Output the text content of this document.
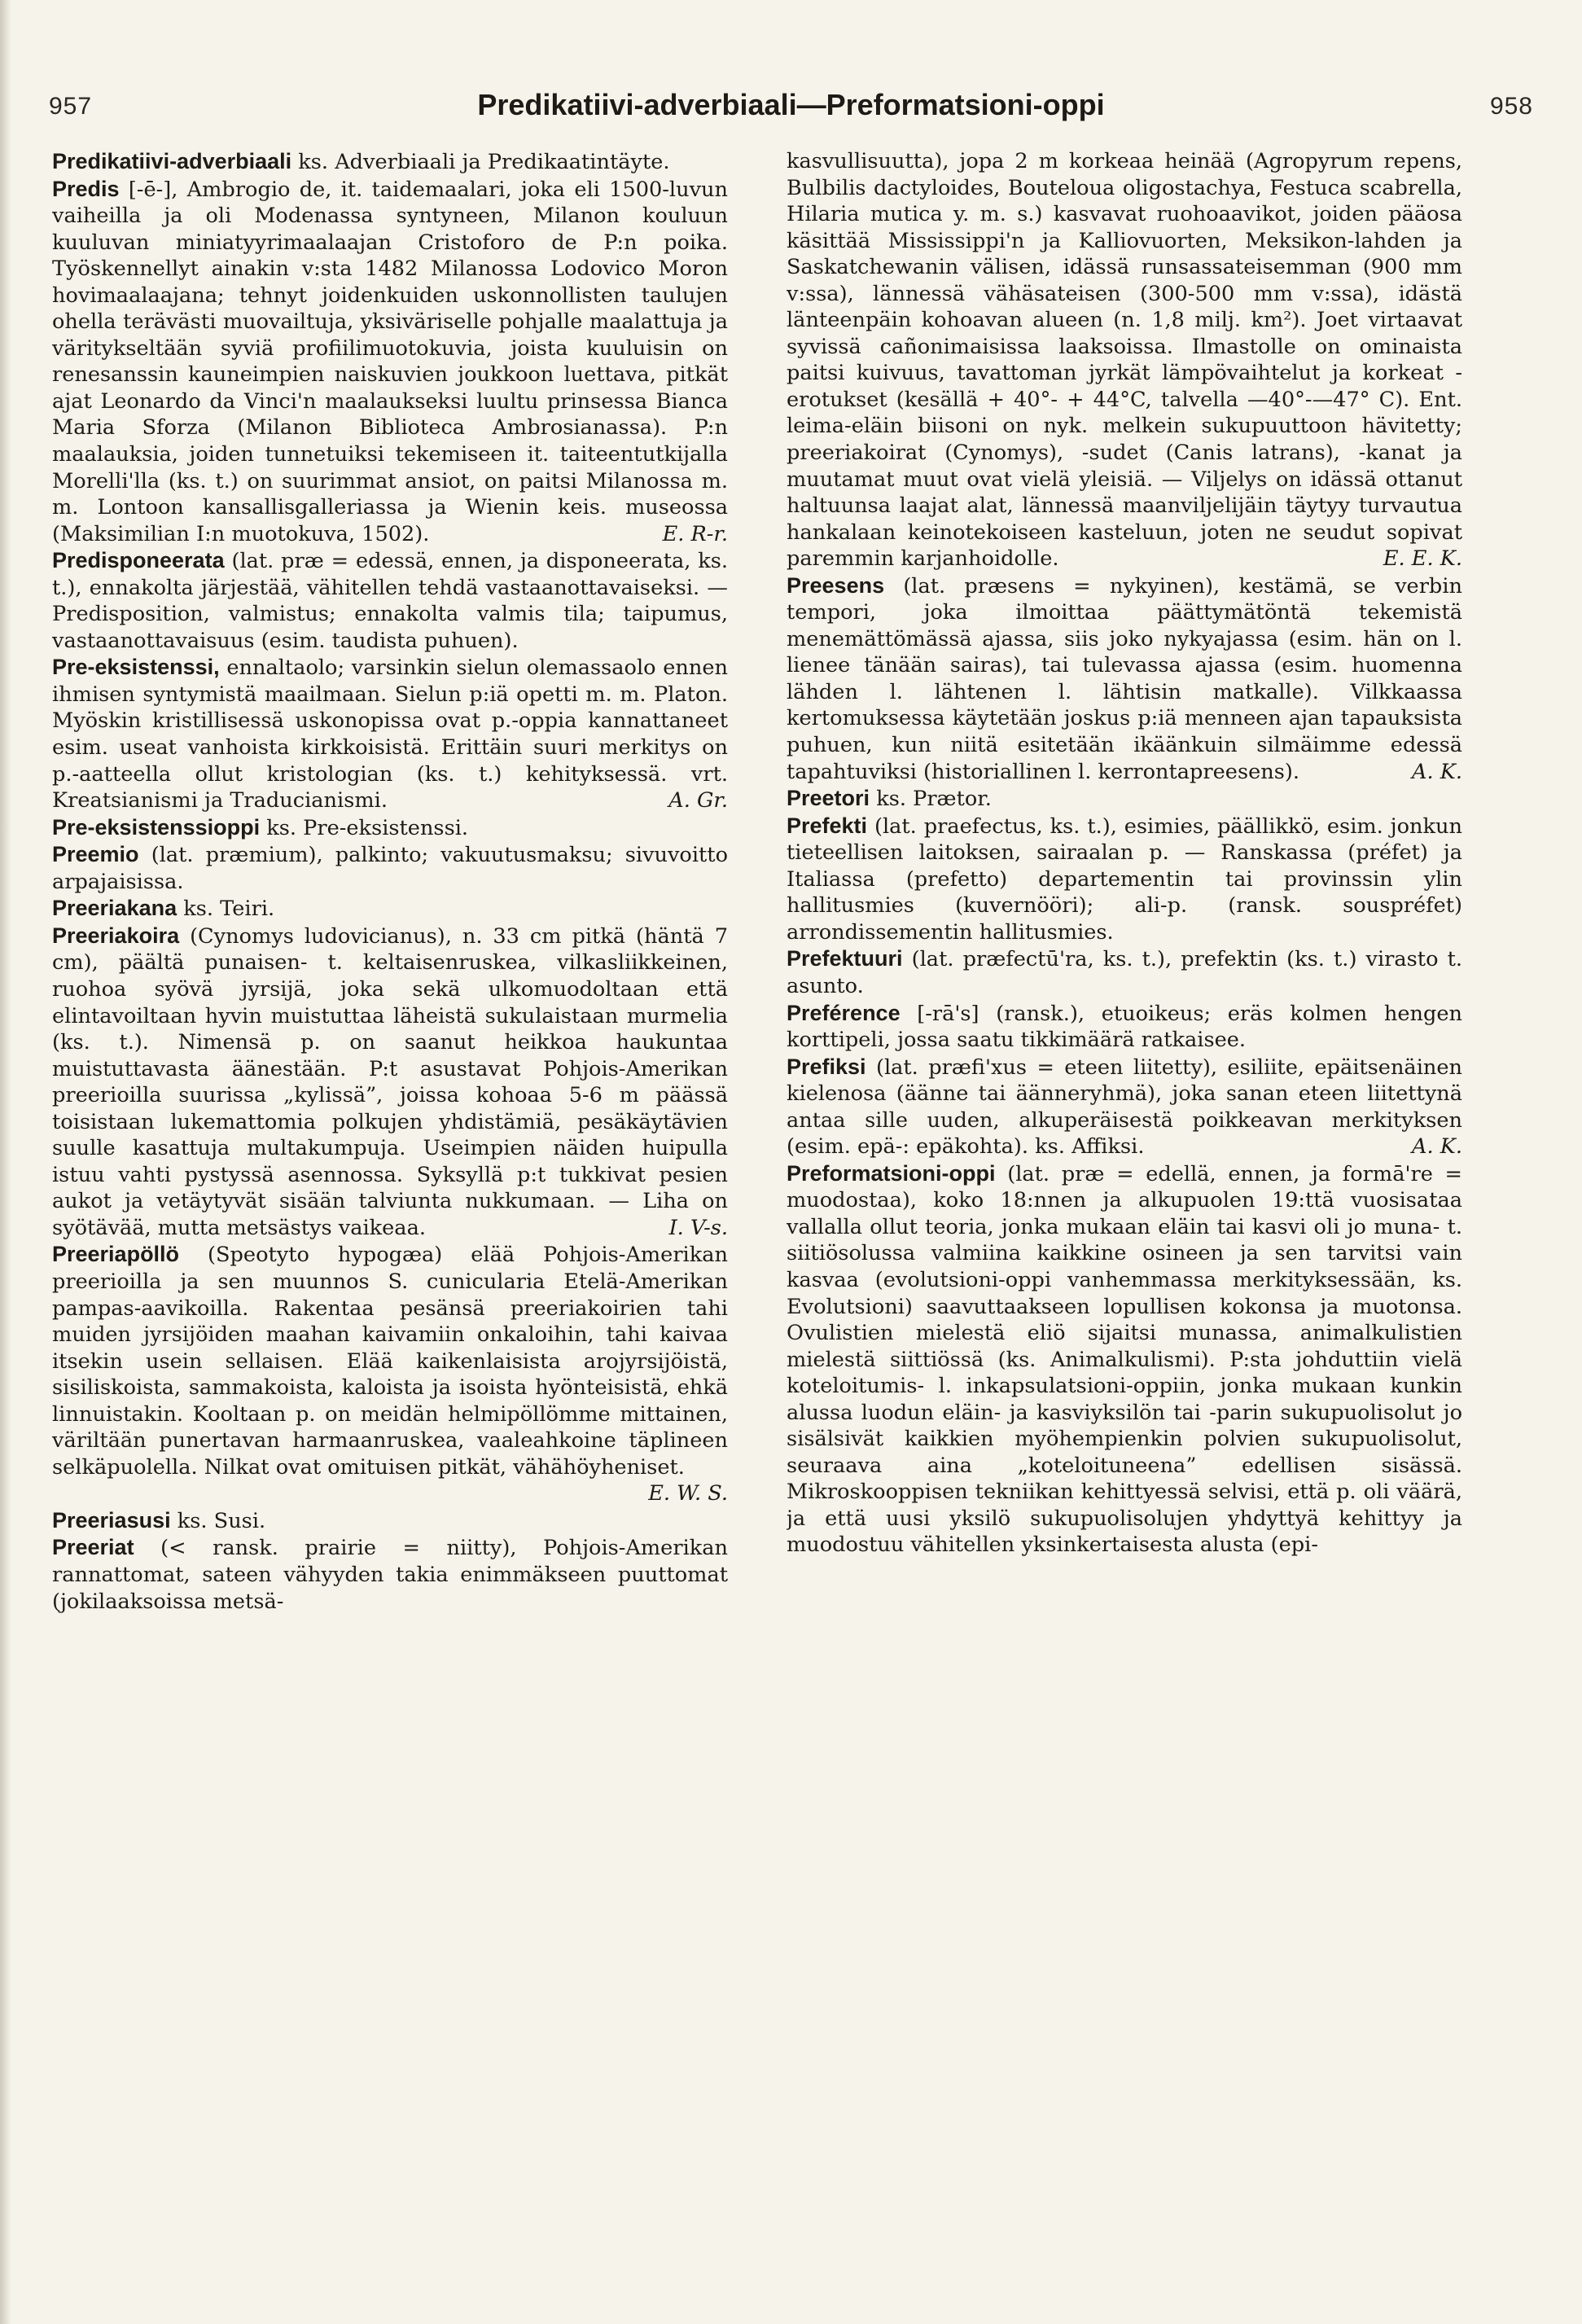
957	Predikatiivi-adverbiaali—Preformatsioni-oppi	958

Predikatiivi-adverbiaali ks. Adverbiaali ja Predikaatintäyte.

Predis [-ē-], Ambrogio de, it. taidemaalari, joka eli 1500-luvun vaiheilla ja oli Modenassa syntyneen, Milanon kouluun kuuluvan miniatyyrimaalaajan Cristoforo de P:n poika. Työskennellyt ainakin v:sta 1482 Milanossa Lodovico Moron hovimaalaajana; tehnyt joidenkuiden uskonnollisten taulujen ohella terävästi muovailtuja, yksiväriselle pohjalle maalattuja ja väritykseltään syviä profiilimuotokuvia, joista kuuluisin on renesanssin kauneimpien naiskuvien joukkoon luettava, pitkät ajat Leonardo da Vinci'n maalaukseksi luultu prinsessa Bianca Maria Sforza (Milanon Biblioteca Ambrosianassa). P:n maalauksia, joiden tunnetuiksi tekemiseen it. taiteentutkijalla Morelli'lla (ks. t.) on suurimmat ansiot, on paitsi Milanossa m. m. Lontoon kansallisgalleriassa ja Wienin keis. museossa (Maksimilian I:n muotokuva, 1502).	E. R-r.

Predisponeerata (lat. præ = edessä, ennen, ja disponeerata, ks. t.), ennakolta järjestää, vähitellen tehdä vastaanottavaiseksi. — Predisposition, valmistus; ennakolta valmis tila; taipumus, vastaanottavaisuus (esim. taudista puhuen).

Pre-eksistenssi, ennaltaolo; varsinkin sielun olemassaolo ennen ihmisen syntymistä maailmaan. Sielun p:iä opetti m. m. Platon. Myöskin kristillisessä uskonopissa ovat p.-oppia kannattaneet esim. useat vanhoista kirkkoisistä. Erittäin suuri merkitys on p.-aatteella ollut kristologian (ks. t.) kehityksessä. vrt. Kreatsianismi ja Traducianismi.	A. Gr.

Pre-eksistenssioppi ks. Pre-eksistenssi.

Preemio (lat. præmium), palkinto; vakuutusmaksu; sivuvoitto arpajaisissa.

Preeriakana ks. Teiri.

Preeriakoira (Cynomys ludovicianus), n. 33 cm pitkä (häntä 7 cm), päältä punaisen- t. keltaisenruskea, vilkasliikkeinen, ruohoa syövä jyrsijä, joka sekä ulkomuodoltaan että elintavoiltaan hyvin muistuttaa läheistä sukulaistaan murmelia (ks. t.). Nimensä p. on saanut heikkoa haukuntaa muistuttavasta äänestään. P:t asustavat Pohjois-Amerikan preerioilla suurissa „kylissä”, joissa kohoaa 5-6 m päässä toisistaan lukemattomia polkujen yhdistämiä, pesäkäytävien suulle kasattuja multakumpuja. Useimpien näiden huipulla istuu vahti pystyssä asennossa. Syksyllä p:t tukkivat pesien aukot ja vetäytyvät sisään talviunta nukkumaan. — Liha on syötävää, mutta metsästys vaikeaa.	I. V-s.

Preeriapöllö (Speotyto hypogæa) elää Pohjois-Amerikan preerioilla ja sen muunnos S. cunicularia Etelä-Amerikan pampas-aavikoilla. Rakentaa pesänsä preeriakoirien tahi muiden jyrsijöiden maahan kaivamiin onkaloihin, tahi kaivaa itsekin usein sellaisen. Elää kaikenlaisista arojyrsijöistä, sisiliskoista, sammakoista, kaloista ja isoista hyönteisistä, ehkä linnuistakin. Kooltaan p. on meidän helmipöllömme mittainen, väriltään punertavan harmaanruskea, vaaleahkoine täplineen selkäpuolella. Nilkat ovat omituisen pitkät, vähähöyheniset.
E. W. S.

Preeriasusi ks. Susi.

Preeriat (< ransk. prairie = niitty), Pohjois-Amerikan rannattomat, sateen vähyyden takia enimmäkseen puuttomat (jokilaaksoissa metsä-

kasvullisuutta), jopa 2 m korkeaa heinää (Agropyrum repens, Bulbilis dactyloides, Bouteloua oligostachya, Festuca scabrella, Hilaria mutica y. m. s.) kasvavat ruohoaavikot, joiden pääosa käsittää Mississippi'n ja Kalliovuorten, Meksikon-lahden ja Saskatchewanin välisen, idässä runsassateisemman (900 mm v:ssa), lännessä vähäsateisen (300-500 mm v:ssa), idästä länteenpäin kohoavan alueen (n. 1,8 milj. km²). Joet virtaavat syvissä cañonimaisissa laaksoissa. Ilmastolle on ominaista paitsi kuivuus, tavattoman jyrkät lämpövaihtelut ja korkeat -erotukset (kesällä + 40°- + 44°C, talvella —40°-—47° C). Ent. leima-eläin biisoni on nyk. melkein sukupuuttoon hävitetty; preeriakoirat (Cynomys), -sudet (Canis latrans), -kanat ja muutamat muut ovat vielä yleisiä. — Viljelys on idässä ottanut haltuunsa laajat alat, lännessä maanviljelijäin täytyy turvautua hankalaan keinotekoiseen kasteluun, joten ne seudut sopivat paremmin karjanhoidolle.	E. E. K.

Preesens (lat. præsens = nykyinen), kestämä, se verbin tempori, joka ilmoittaa päättymätöntä tekemistä menemättömässä ajassa, siis joko nykyajassa (esim. hän on l. lienee tänään sairas), tai tulevassa ajassa (esim. huomenna lähden l. lähtenen l. lähtisin matkalle). Vilkkaassa kertomuksessa käytetään joskus p:iä menneen ajan tapauksista puhuen, kun niitä esitetään ikäänkuin silmäimme edessä tapahtuviksi (historiallinen l. kerrontapreesens).	A. K.

Preetori ks. Prætor.

Prefekti (lat. praefectus, ks. t.), esimies, päällikkö, esim. jonkun tieteellisen laitoksen, sairaalan p. — Ranskassa (préfet) ja Italiassa (prefetto) departementin tai provinssin ylin hallitusmies (kuvernööri); ali-p. (ransk. souspréfet) arrondissementin hallitusmies.

Prefektuuri (lat. præfectū'ra, ks. t.), prefektin (ks. t.) virasto t. asunto.

Preférence [-rā's] (ransk.), etuoikeus; eräs kolmen hengen korttipeli, jossa saatu tikkimäärä ratkaisee.

Prefiksi (lat. præfi'xus = eteen liitetty), esiliite, epäitsenäinen kielenosa (äänne tai äänneryhmä), joka sanan eteen liitettynä antaa sille uuden, alkuperäisestä poikkeavan merkityksen (esim. epä-: epäkohta). ks. Affiksi.	A. K.

Preformatsioni-oppi (lat. præ = edellä, ennen, ja formā're = muodostaa), koko 18:nnen ja alkupuolen 19:ttä vuosisataa vallalla ollut teoria, jonka mukaan eläin tai kasvi oli jo muna- t. siitiösolussa valmiina kaikkine osineen ja sen tarvitsi vain kasvaa (evolutsioni-oppi vanhemmassa merkityksessään, ks. Evolutsioni) saavuttaakseen lopullisen kokonsa ja muotonsa. Ovulistien mielestä eliö sijaitsi munassa, animalkulistien mielestä siittiössä (ks. Animalkulismi). P:sta johduttiin vielä koteloitumis- l. inkapsulatsioni-oppiin, jonka mukaan kunkin alussa luodun eläin- ja kasviyksilön tai -parin sukupuolisolut jo sisälsivät kaikkien myöhempienkin polvien sukupuolisolut, seuraava aina „koteloituneena” edellisen sisässä. Mikroskooppisen tekniikan kehittyessä selvisi, että p. oli väärä, ja että uusi yksilö sukupuolisolujen yhdyttyä kehittyy ja muodostuu vähitellen yksinkertaisesta alusta (epi-
